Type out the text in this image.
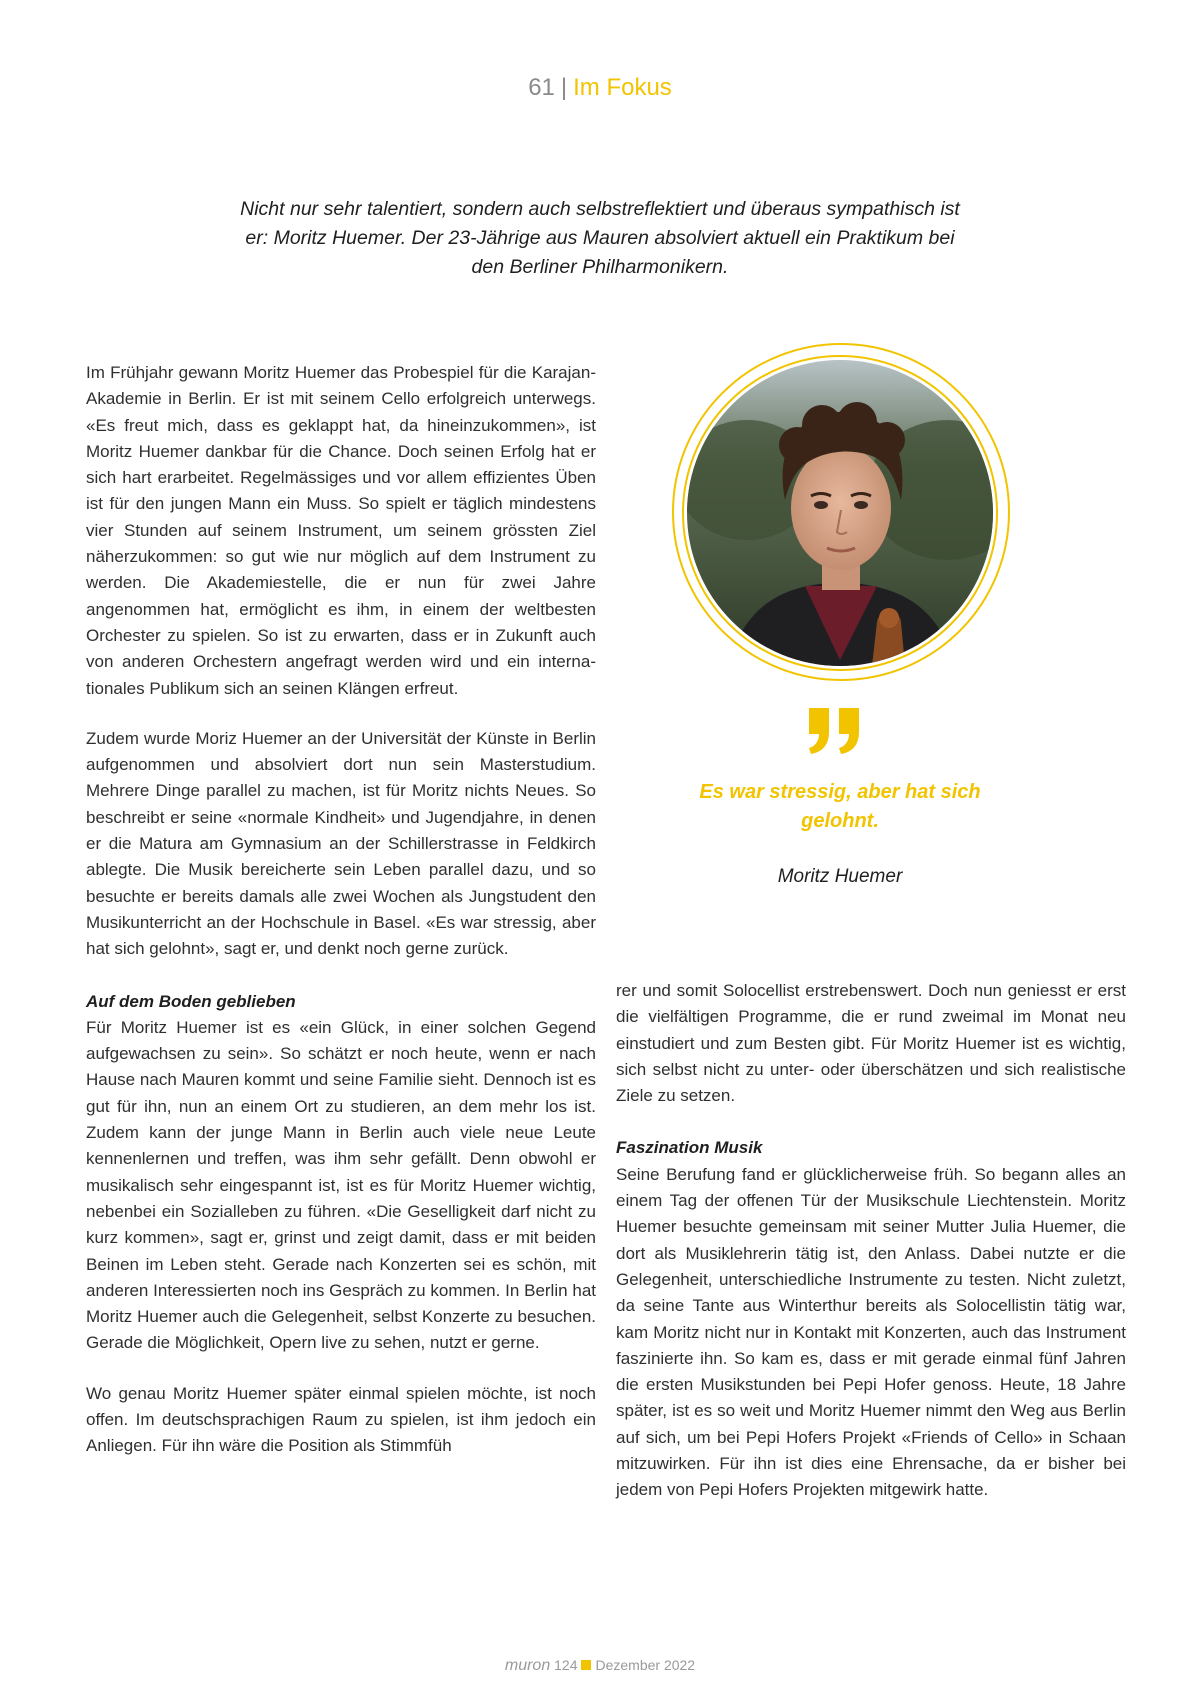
61 | Im Fokus
Nicht nur sehr talentiert, sondern auch selbstreflektiert und überaus sympathisch ist er: Moritz Huemer. Der 23-Jährige aus Mauren absolviert aktuell ein Praktikum bei den Berliner Philharmonikern.

Im Frühjahr gewann Moritz Huemer das Probespiel für die Karajan-Akademie in Berlin. Er ist mit seinem Cello erfolgreich unterwegs. «Es freut mich, dass es geklappt hat, da hineinzukommen», ist Moritz Huemer dankbar für die Chance. Doch seinen Erfolg hat er sich hart erarbeitet. Regelmässiges und vor allem effizientes Üben ist für den jungen Mann ein Muss. So spielt er täglich mindestens vier Stunden auf seinem Instrument, um seinem grössten Ziel näherzukommen: so gut wie nur möglich auf dem Instrument zu werden. Die Akademiestelle, die er nun für zwei Jahre angenommen hat, ermöglicht es ihm, in einem der weltbesten Orchester zu spielen. So ist zu erwarten, dass er in Zukunft auch von anderen Orchestern angefragt werden wird und ein internationales Publikum sich an seinen Klängen erfreut.

Zudem wurde Moriz Huemer an der Universität der Künste in Berlin aufgenommen und absolviert dort nun sein Masterstudium. Mehrere Dinge parallel zu machen, ist für Moritz nichts Neues. So beschreibt er seine «normale Kindheit» und Jugendjahre, in denen er die Matura am Gymnasium an der Schillerstrasse in Feldkirch ablegte. Die Musik bereicherte sein Leben parallel dazu, und so besuchte er bereits damals alle zwei Wochen als Jungstudent den Musikunterricht an der Hochschule in Basel. «Es war stressig, aber hat sich gelohnt», sagt er, und denkt noch gerne zurück.

Auf dem Boden geblieben

Für Moritz Huemer ist es «ein Glück, in einer solchen Gegend aufgewachsen zu sein». So schätzt er noch heute, wenn er nach Hause nach Mauren kommt und seine Familie sieht. Dennoch ist es gut für ihn, nun an einem Ort zu studieren, an dem mehr los ist. Zudem kann der junge Mann in Berlin auch viele neue Leute kennenlernen und treffen, was ihm sehr gefällt. Denn obwohl er musikalisch sehr eingespannt ist, ist es für Moritz Huemer wichtig, nebenbei ein Sozialleben zu führen. «Die Geselligkeit darf nicht zu kurz kommen», sagt er, grinst und zeigt damit, dass er mit beiden Beinen im Leben steht. Gerade nach Konzerten sei es schön, mit anderen Interessierten noch ins Gespräch zu kommen. In Berlin hat Moritz Huemer auch die Gelegenheit, selbst Konzerte zu besuchen. Gerade die Möglichkeit, Opern live zu sehen, nutzt er gerne.

Wo genau Moritz Huemer später einmal spielen möchte, ist noch offen. Im deutschsprachigen Raum zu spielen, ist ihm jedoch ein Anliegen. Für ihn wäre die Position als Stimmfüh

Es war stressig, aber hat sich gelohnt.
Moritz Huemer

rer und somit Solocellist erstrebenswert. Doch nun geniesst er erst die vielfältigen Programme, die er rund zweimal im Monat neu einstudiert und zum Besten gibt. Für Moritz Huemer ist es wichtig, sich selbst nicht zu unter- oder überschätzen und sich realistische Ziele zu setzen.

Faszination Musik

Seine Berufung fand er glücklicherweise früh. So begann alles an einem Tag der offenen Tür der Musikschule Liechtenstein. Moritz Huemer besuchte gemeinsam mit seiner Mutter Julia Huemer, die dort als Musiklehrerin tätig ist, den Anlass. Dabei nutzte er die Gelegenheit, unterschiedliche Instrumente zu testen. Nicht zuletzt, da seine Tante aus Winterthur bereits als Solocellistin tätig war, kam Moritz nicht nur in Kontakt mit Konzerten, auch das Instrument faszinierte ihn. So kam es, dass er mit gerade einmal fünf Jahren die ersten Musikstunden bei Pepi Hofer genoss. Heute, 18 Jahre später, ist es so weit und Moritz Huemer nimmt den Weg aus Berlin auf sich, um bei Pepi Hofers Projekt «Friends of Cello» in Schaan mitzuwirken. Für ihn ist dies eine Ehrensache, da er bisher bei jedem von Pepi Hofers Projekten mitgewirk hatte.

muron 124 Dezember 2022
